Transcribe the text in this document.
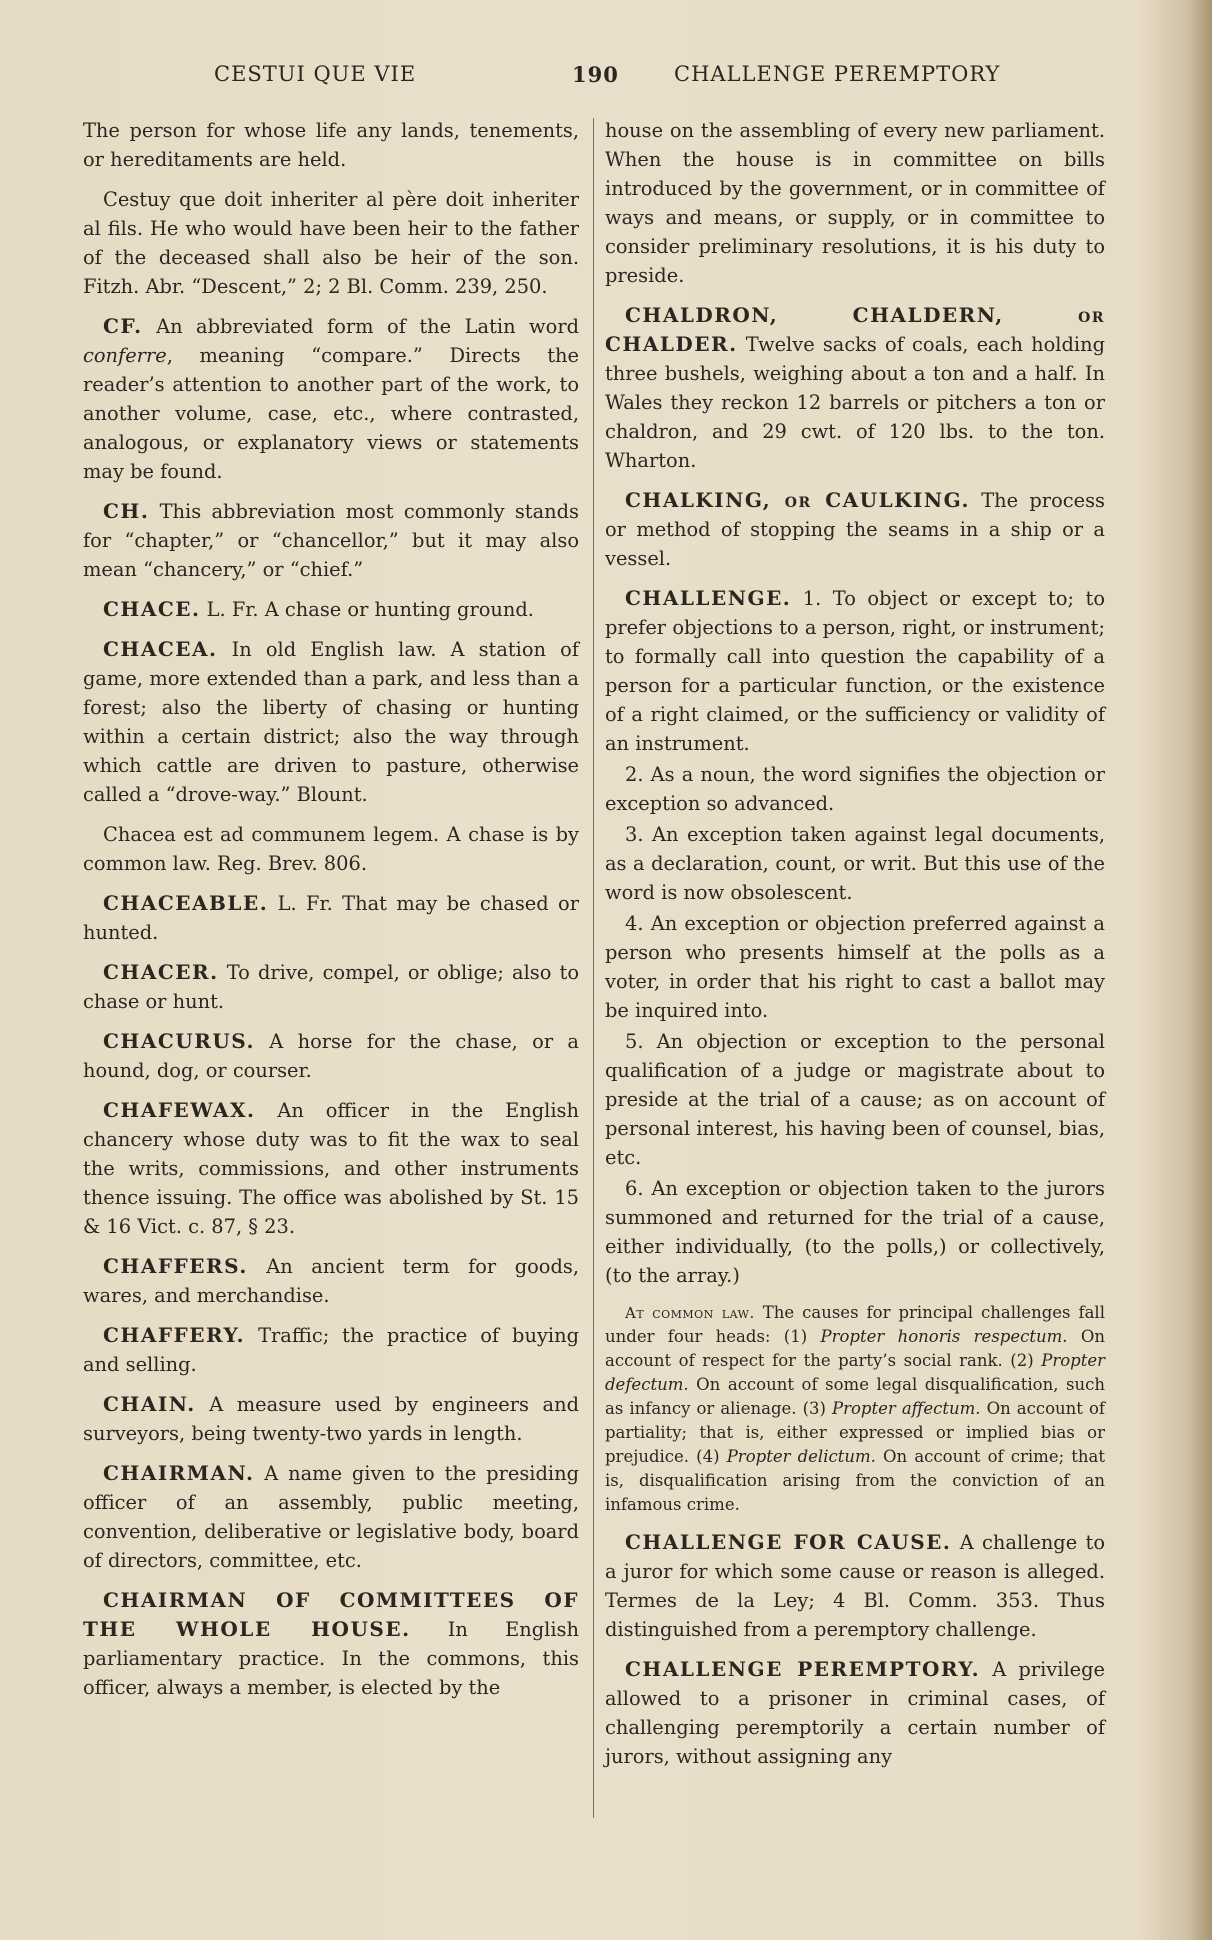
CESTUI QUE VIE	190	CHALLENGE PEREMPTORY

The person for whose life any lands, tenements, or hereditaments are held.

Cestuy que doit inheriter al père doit inheriter al fils. He who would have been heir to the father of the deceased shall also be heir of the son. Fitzh. Abr. “Descent,” 2; 2 Bl. Comm. 239, 250.

CF. An abbreviated form of the Latin word conferre, meaning “compare.” Directs the reader’s attention to another part of the work, to another volume, case, etc., where contrasted, analogous, or explanatory views or statements may be found.

CH. This abbreviation most commonly stands for “chapter,” or “chancellor,” but it may also mean “chancery,” or “chief.”

CHACE. L. Fr. A chase or hunting ground.

CHACEA. In old English law. A station of game, more extended than a park, and less than a forest; also the liberty of chasing or hunting within a certain district; also the way through which cattle are driven to pasture, otherwise called a “drove-way.” Blount.

Chacea est ad communem legem. A chase is by common law. Reg. Brev. 806.

CHACEABLE. L. Fr. That may be chased or hunted.

CHACER. To drive, compel, or oblige; also to chase or hunt.

CHACURUS. A horse for the chase, or a hound, dog, or courser.

CHAFEWAX. An officer in the English chancery whose duty was to fit the wax to seal the writs, commissions, and other instruments thence issuing. The office was abolished by St. 15 & 16 Vict. c. 87, § 23.

CHAFFERS. An ancient term for goods, wares, and merchandise.

CHAFFERY. Traffic; the practice of buying and selling.

CHAIN. A measure used by engineers and surveyors, being twenty-two yards in length.

CHAIRMAN. A name given to the presiding officer of an assembly, public meeting, convention, deliberative or legislative body, board of directors, committee, etc.

CHAIRMAN OF COMMITTEES OF THE WHOLE HOUSE. In English parliamentary practice. In the commons, this officer, always a member, is elected by the

house on the assembling of every new parliament. When the house is in committee on bills introduced by the government, or in committee of ways and means, or supply, or in committee to consider preliminary resolutions, it is his duty to preside.

CHALDRON, CHALDERN, or CHALDER. Twelve sacks of coals, each holding three bushels, weighing about a ton and a half. In Wales they reckon 12 barrels or pitchers a ton or chaldron, and 29 cwt. of 120 lbs. to the ton. Wharton.

CHALKING, or CAULKING. The process or method of stopping the seams in a ship or a vessel.

CHALLENGE. 1. To object or except to; to prefer objections to a person, right, or instrument; to formally call into question the capability of a person for a particular function, or the existence of a right claimed, or the sufficiency or validity of an instrument.

2. As a noun, the word signifies the objection or exception so advanced.

3. An exception taken against legal documents, as a declaration, count, or writ. But this use of the word is now obsolescent.

4. An exception or objection preferred against a person who presents himself at the polls as a voter, in order that his right to cast a ballot may be inquired into.

5. An objection or exception to the personal qualification of a judge or magistrate about to preside at the trial of a cause; as on account of personal interest, his having been of counsel, bias, etc.

6. An exception or objection taken to the jurors summoned and returned for the trial of a cause, either individually, (to the polls,) or collectively, (to the array.)

At common law. The causes for principal challenges fall under four heads: (1) Propter honoris respectum. On account of respect for the party’s social rank. (2) Propter defectum. On account of some legal disqualification, such as infancy or alienage. (3) Propter affectum. On account of partiality; that is, either expressed or implied bias or prejudice. (4) Propter delictum. On account of crime; that is, disqualification arising from the conviction of an infamous crime.

CHALLENGE FOR CAUSE. A challenge to a juror for which some cause or reason is alleged. Termes de la Ley; 4 Bl. Comm. 353. Thus distinguished from a peremptory challenge.

CHALLENGE PEREMPTORY. A privilege allowed to a prisoner in criminal cases, of challenging peremptorily a certain number of jurors, without assigning any
